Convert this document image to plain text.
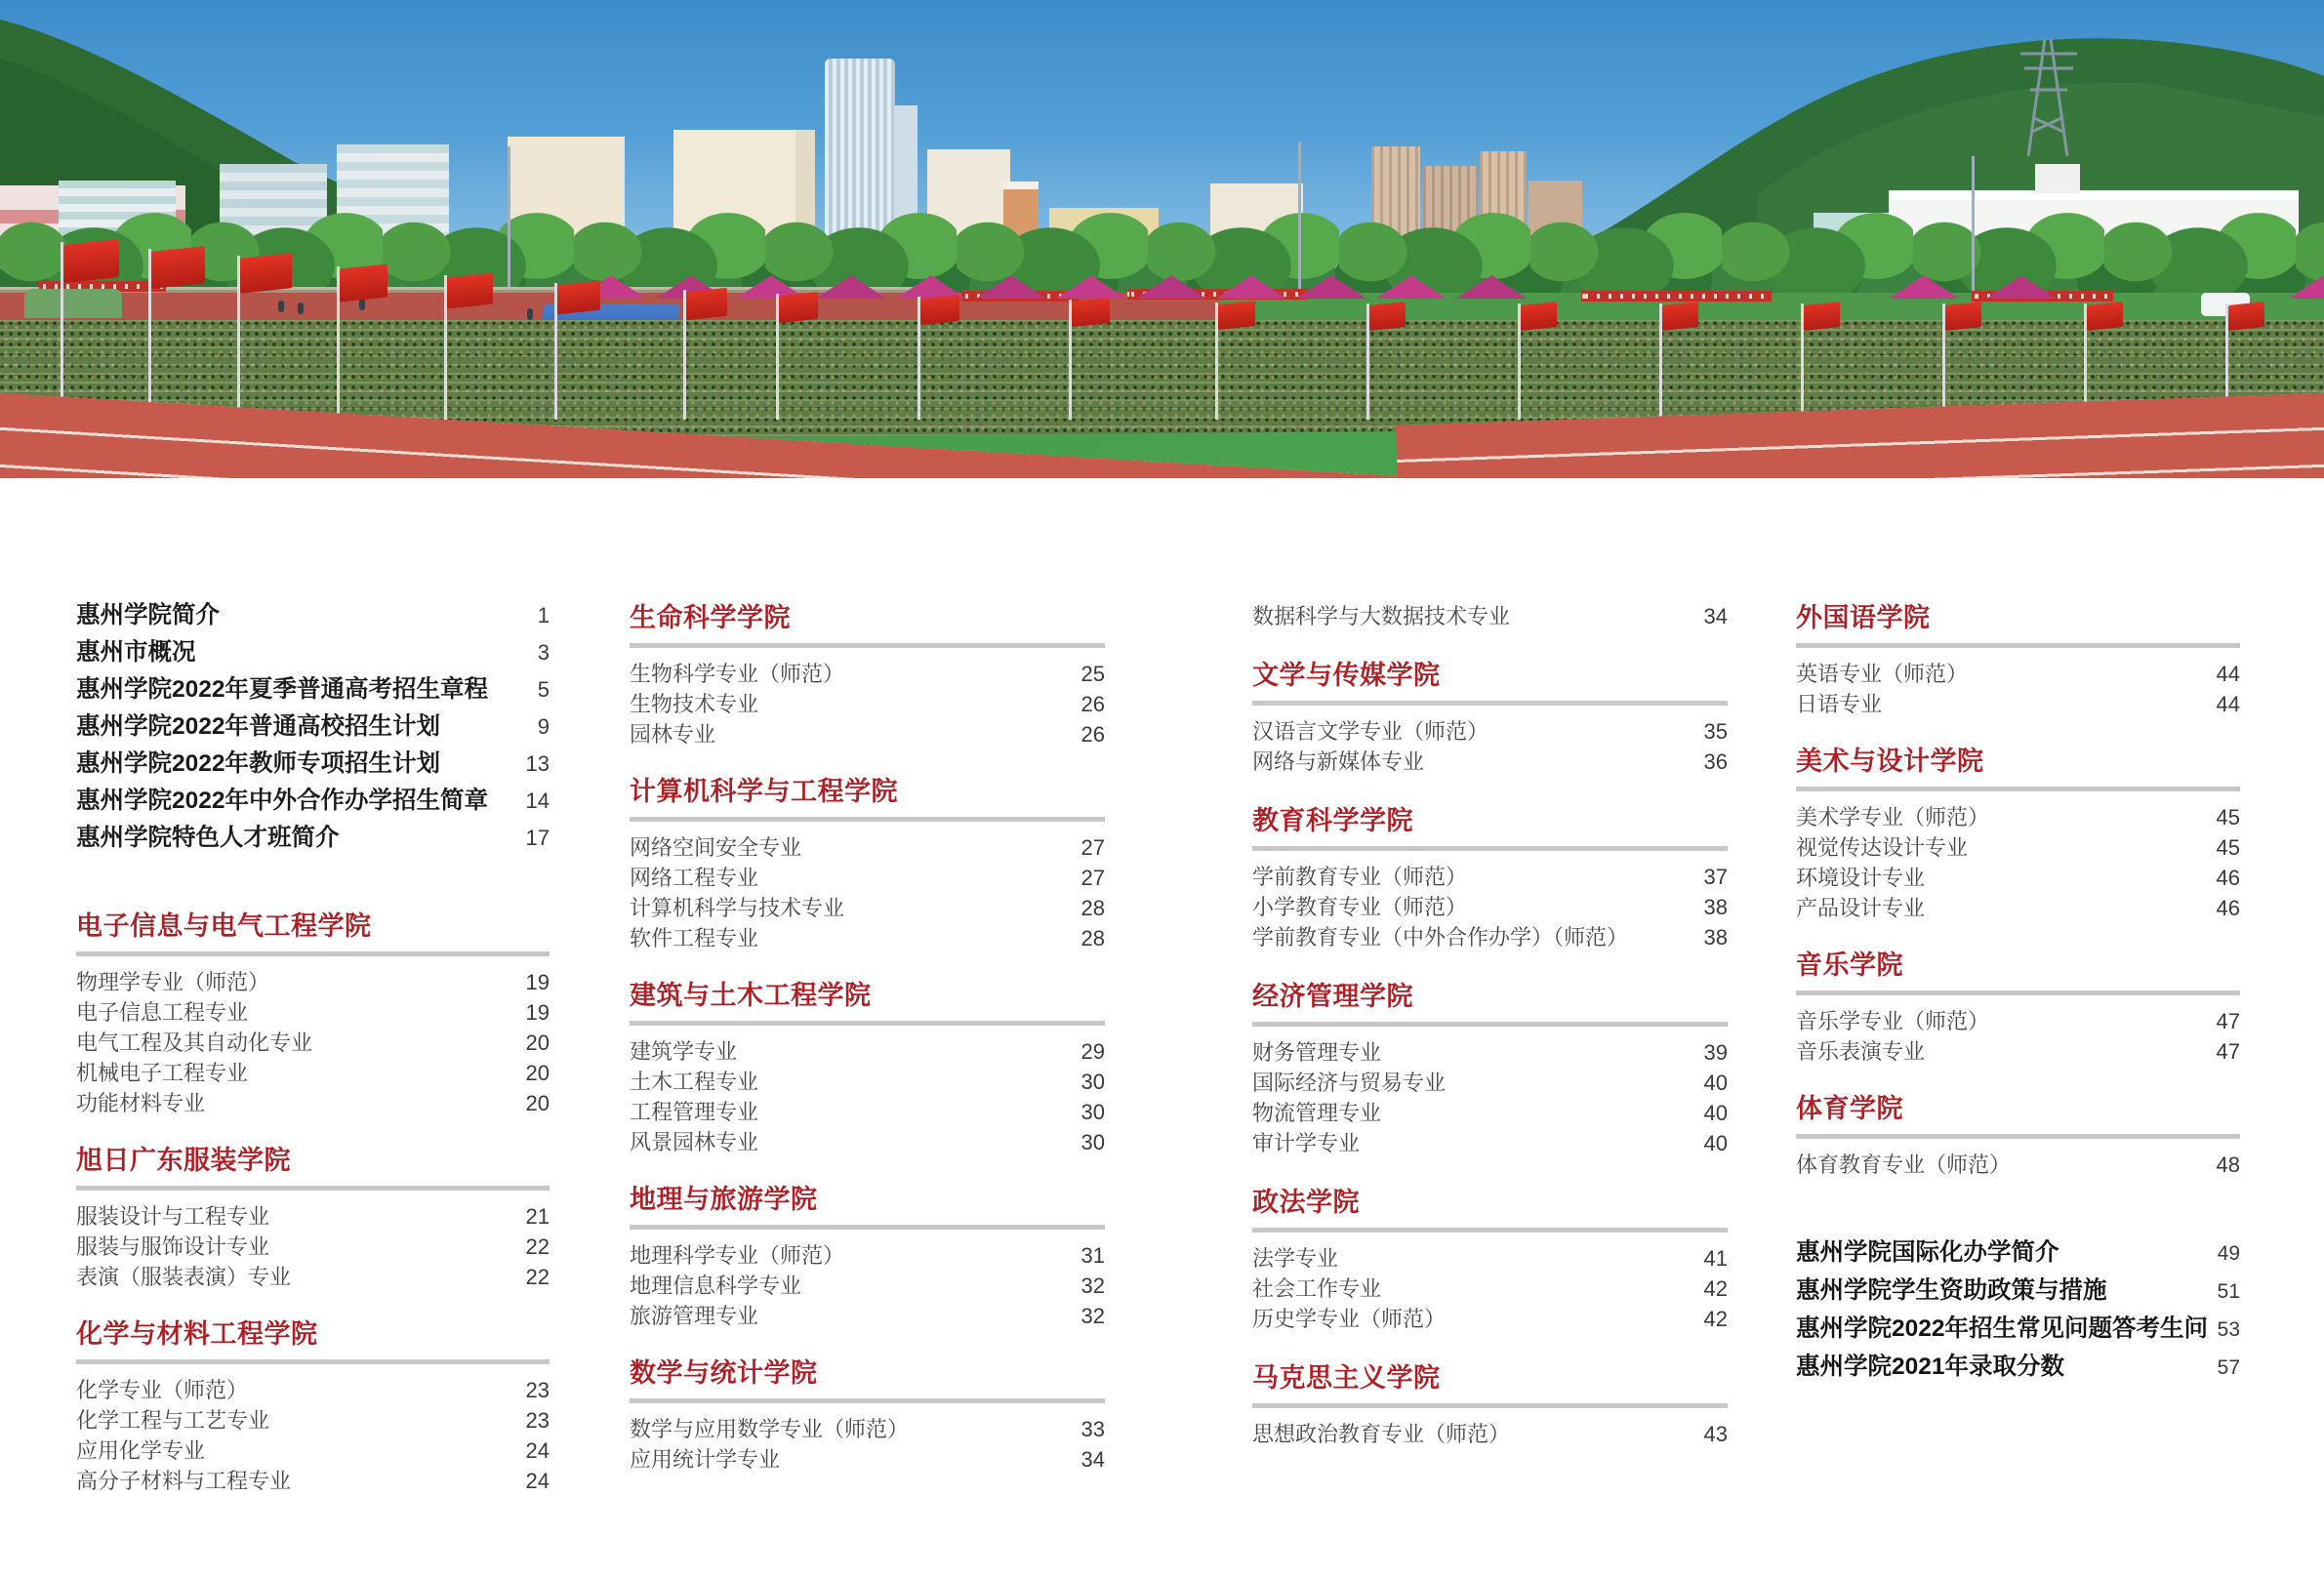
惠州学院简介	1
惠州市概况	3
惠州学院2022年夏季普通高考招生章程 5
惠州学院2022年普通高校招生计划	9
惠州学院2022年教师专项招生计划	13
惠州学院2022年中外合作办学招生简章 14
惠州学院特色人才班简介	17
电子信息与电气工程学院
物理学专业（师范）	19
电子信息工程专业	19
电气工程及其自动化专业	20
机械电子工程专业	20
功能材料专业	20
旭日广东服装学院
服装设计与工程专业	21
服装与服饰设计专业	22
表演（服装表演）专业	22
化学与材料工程学院
化学专业（师范）	23
化学工程与工艺专业	23
应用化学专业	24
高分子材料与工程专业	24
生命科学学院
生物科学专业（师范）	25
生物技术专业	26
园林专业	26
计算机科学与工程学院
网络空间安全专业	27
网络工程专业	27
计算机科学与技术专业	28
软件工程专业	28
建筑与土木工程学院
建筑学专业	29
土木工程专业	30
工程管理专业	30
风景园林专业	30
地理与旅游学院
地理科学专业（师范）	31
地理信息科学专业	32
旅游管理专业	32
数学与统计学院
数学与应用数学专业（师范）	33
应用统计学专业	34
数据科学与大数据技术专业	34
文学与传媒学院
汉语言文学专业（师范）	35
网络与新媒体专业	36
教育科学学院
学前教育专业（师范）	37
小学教育专业（师范）	38
学前教育专业（中外合作办学）（师范）	38
经济管理学院
财务管理专业	39
国际经济与贸易专业	40
物流管理专业	40
审计学专业	40
政法学院
法学专业	41
社会工作专业	42
历史学专业（师范）	42
马克思主义学院
思想政治教育专业（师范）	43
外国语学院
英语专业（师范）	44
日语专业	44
美术与设计学院
美术学专业（师范）	45
视觉传达设计专业	45
环境设计专业	46
产品设计专业	46
音乐学院
音乐学专业（师范）	47
音乐表演专业	47
体育学院
体育教育专业（师范）	48
惠州学院国际化办学简介	49
惠州学院学生资助政策与措施	51
惠州学院2022年招生常见问题答考生问 53
惠州学院2021年录取分数	57
